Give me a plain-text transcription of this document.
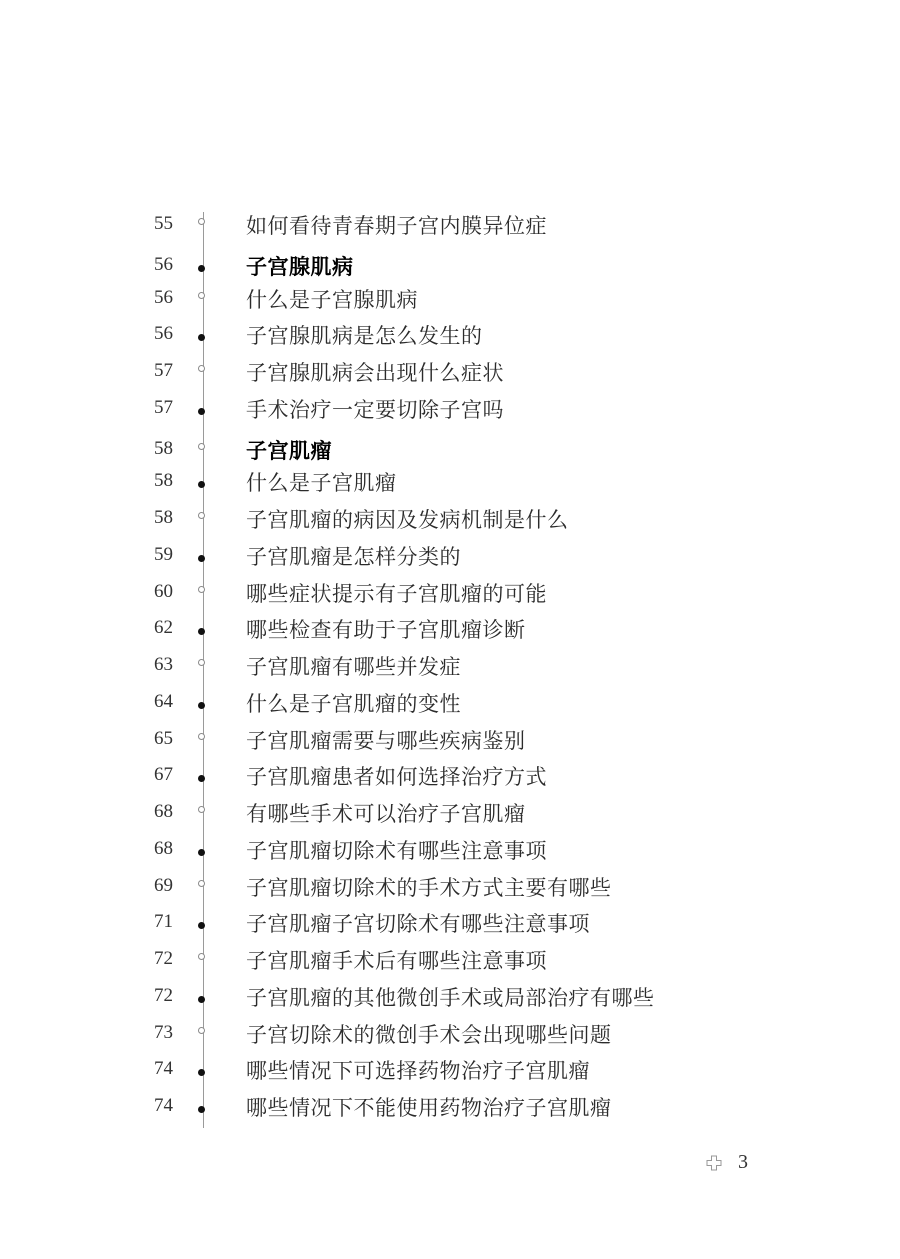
55	如何看待青春期子宫内膜异位症
56	子宫腺肌病
56	什么是子宫腺肌病
56	子宫腺肌病是怎么发生的
57	子宫腺肌病会出现什么症状
57	手术治疗一定要切除子宫吗
58	子宫肌瘤
58	什么是子宫肌瘤
58	子宫肌瘤的病因及发病机制是什么
59	子宫肌瘤是怎样分类的
60	哪些症状提示有子宫肌瘤的可能
62	哪些检查有助于子宫肌瘤诊断
63	子宫肌瘤有哪些并发症
64	什么是子宫肌瘤的变性
65	子宫肌瘤需要与哪些疾病鉴别
67	子宫肌瘤患者如何选择治疗方式
68	有哪些手术可以治疗子宫肌瘤
68	子宫肌瘤切除术有哪些注意事项
69	子宫肌瘤切除术的手术方式主要有哪些
71	子宫肌瘤子宫切除术有哪些注意事项
72	子宫肌瘤手术后有哪些注意事项
72	子宫肌瘤的其他微创手术或局部治疗有哪些
73	子宫切除术的微创手术会出现哪些问题
74	哪些情况下可选择药物治疗子宫肌瘤
74	哪些情况下不能使用药物治疗子宫肌瘤
3
